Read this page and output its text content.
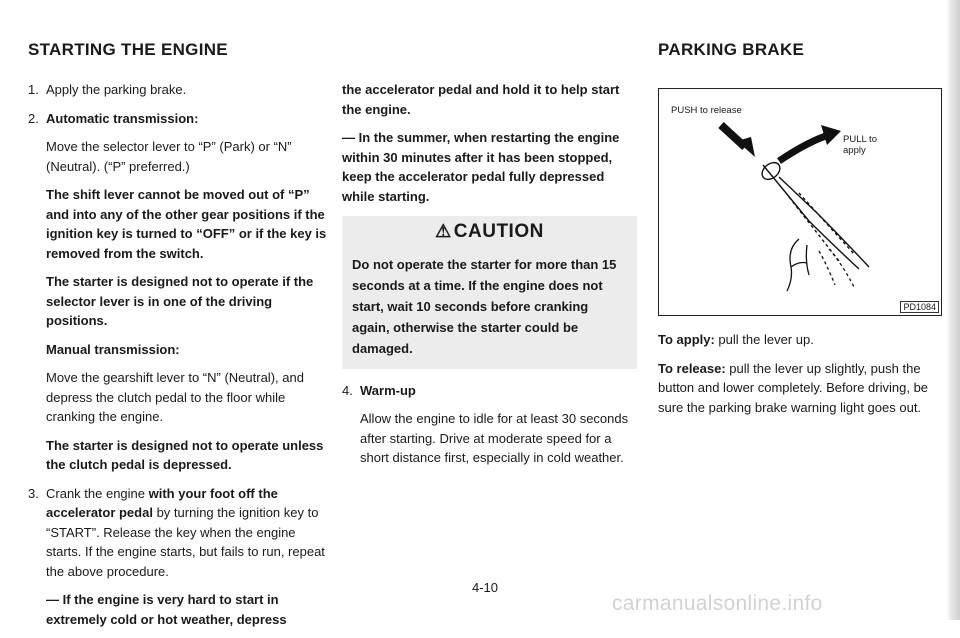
STARTING THE ENGINE	PARKING BRAKE

1. Apply the parking brake.

2. Automatic transmission:

Move the selector lever to “P” (Park) or “N” (Neutral). (“P” preferred.)

The shift lever cannot be moved out of “P” and into any of the other gear positions if the ignition key is turned to “OFF” or if the key is removed from the switch.

The starter is designed not to operate if the selector lever is in one of the driving positions.

Manual transmission:

Move the gearshift lever to “N” (Neutral), and depress the clutch pedal to the floor while cranking the engine.

The starter is designed not to operate unless the clutch pedal is depressed.

3. Crank the engine with your foot off the accelerator pedal by turning the ignition key to “START”. Release the key when the engine starts. If the engine starts, but fails to run, repeat the above procedure.

— If the engine is very hard to start in extremely cold or hot weather, depress

the accelerator pedal and hold it to help start the engine.

— In the summer, when restarting the engine within 30 minutes after it has been stopped, keep the accelerator pedal fully depressed while starting.

⚠ CAUTION
Do not operate the starter for more than 15 seconds at a time. If the engine does not start, wait 10 seconds before cranking again, otherwise the starter could be damaged.

4. Warm-up

Allow the engine to idle for at least 30 seconds after starting. Drive at moderate speed for a short distance first, especially in cold weather.

PUSH to release
PULL to
apply
PD1084

To apply: pull the lever up.

To release: pull the lever up slightly, push the button and lower completely. Before driving, be sure the parking brake warning light goes out.

4-10
carmanualsonline.info
